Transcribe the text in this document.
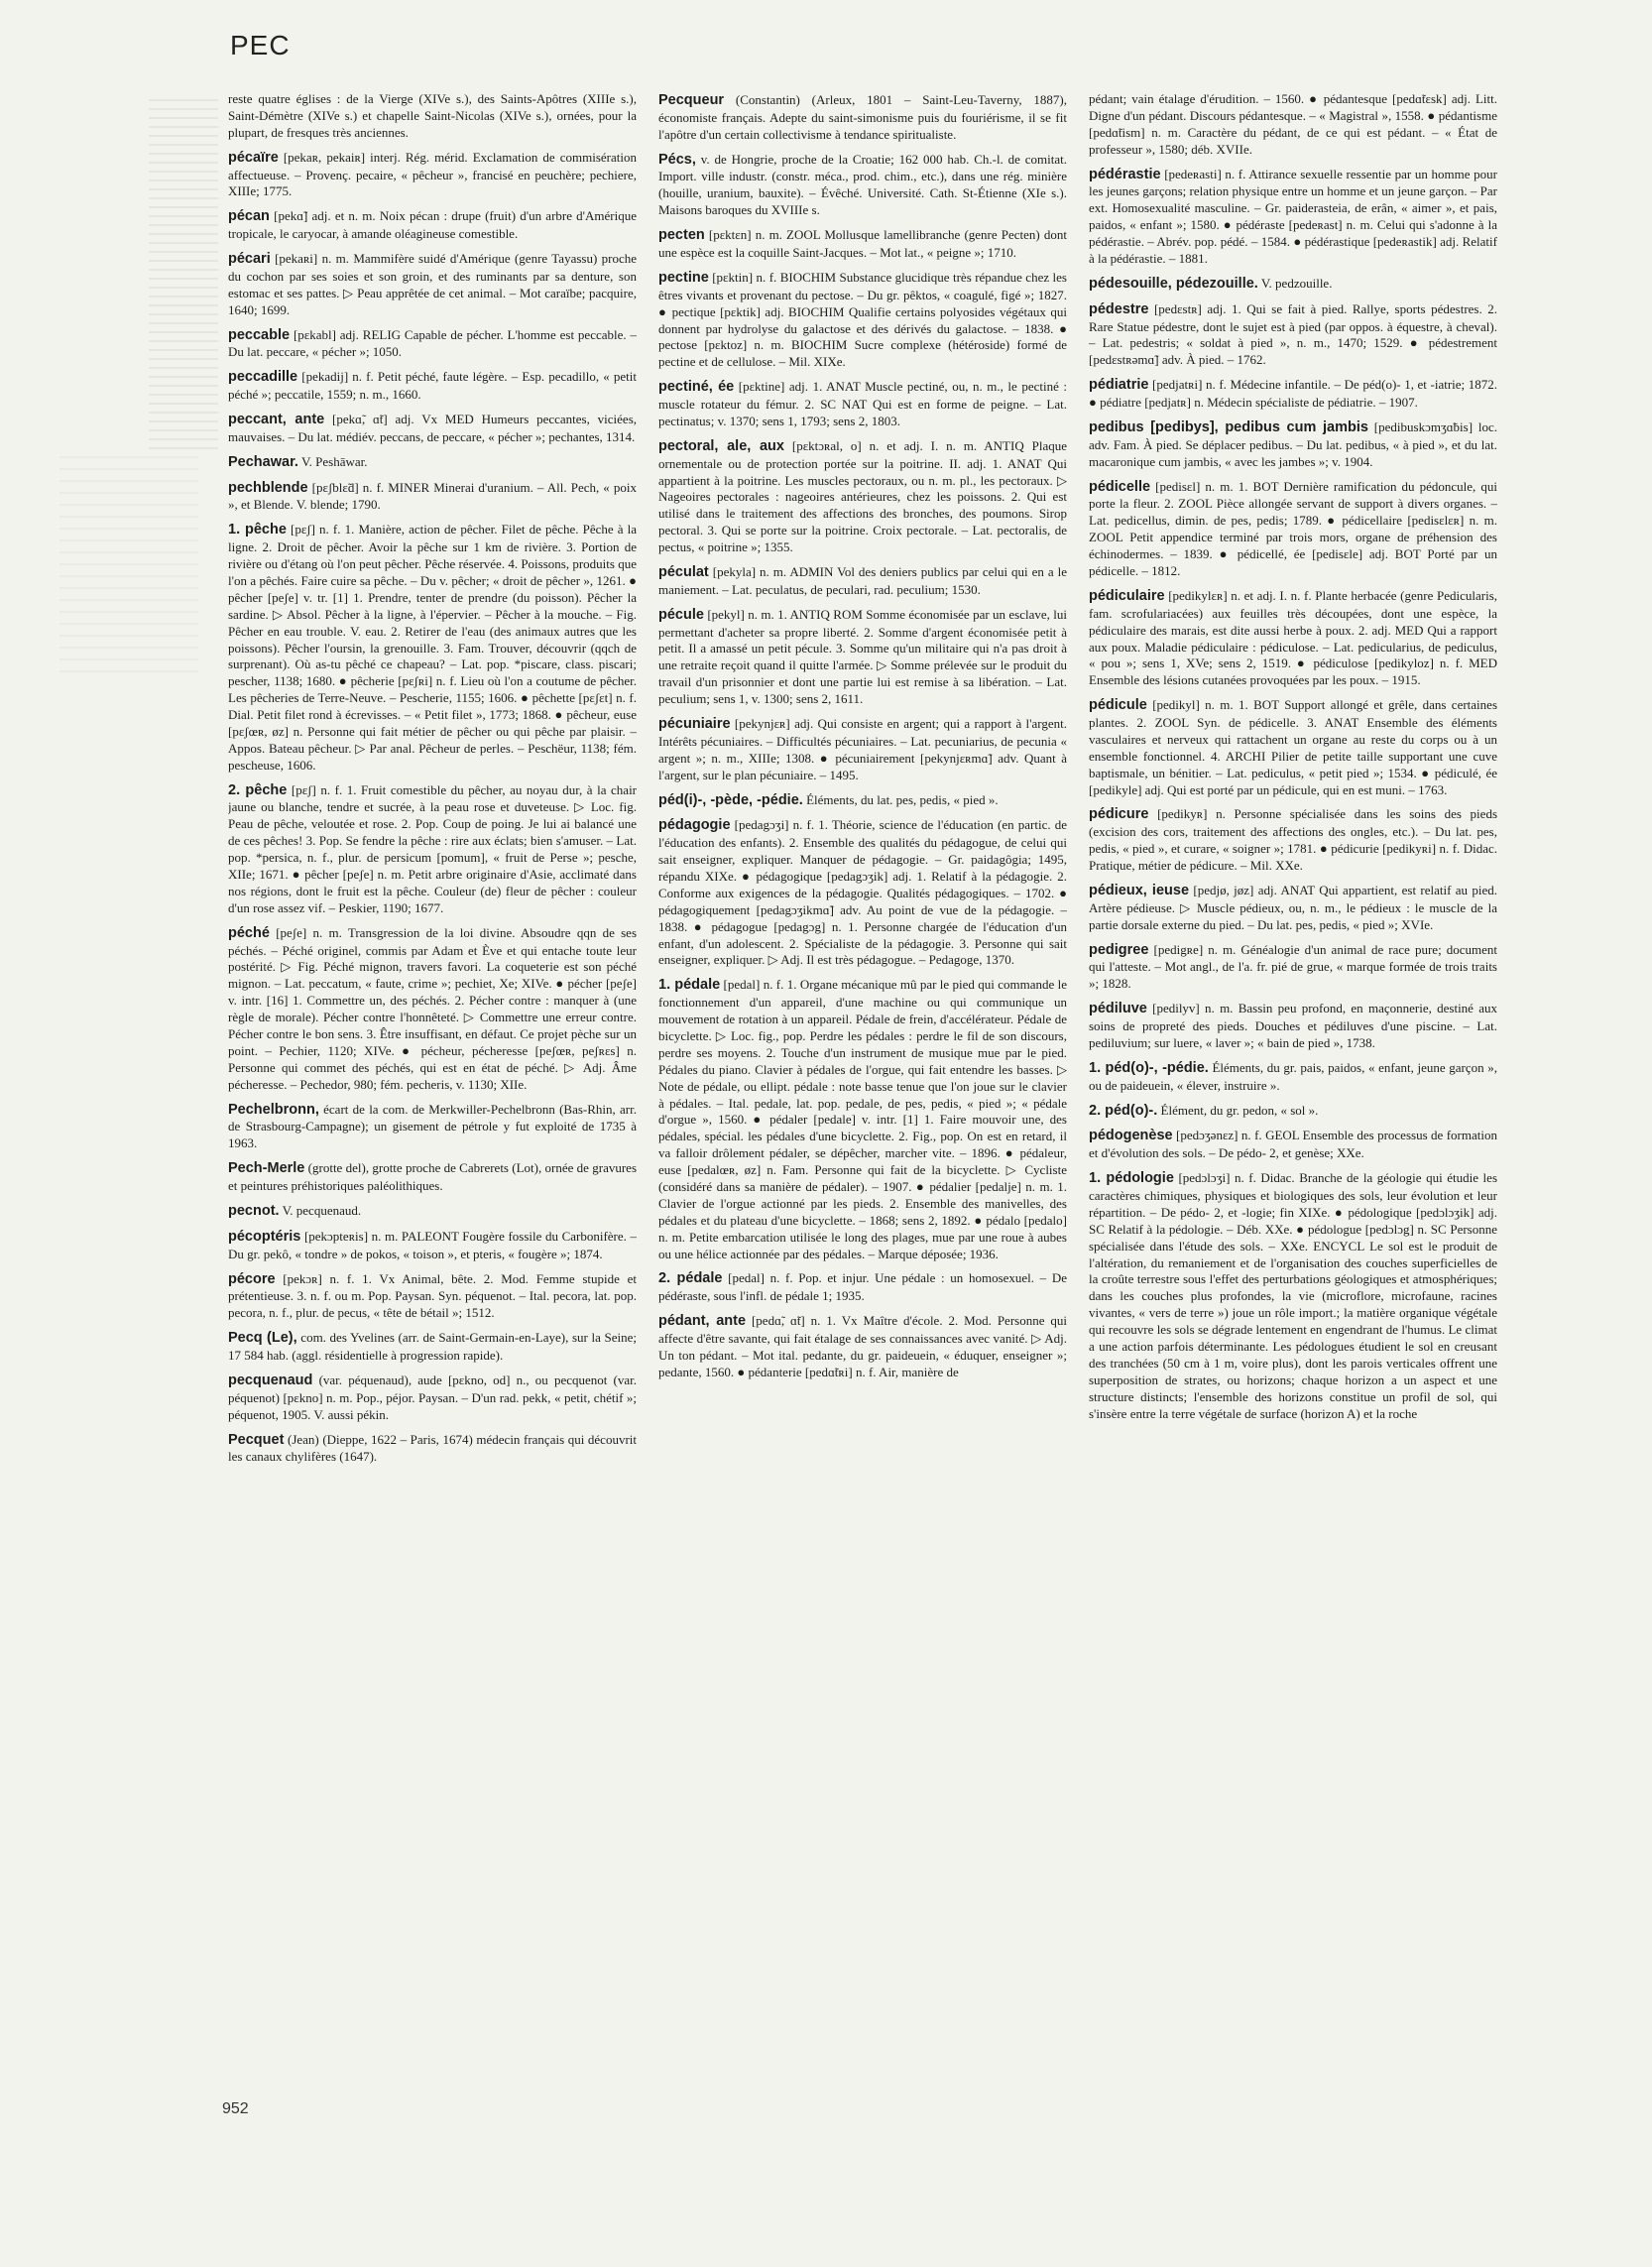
PEC

reste quatre églises : de la Vierge (XIVe s.), des Saints-Apôtres (XIIIe s.), Saint-Démètre (XIVe s.) et chapelle Saint-Nicolas (XIVe s.), ornées, pour la plupart, de fresques très anciennes.

pécaïre [pekaʀ, pekaiʀ] interj. Rég. mérid. Exclamation de commisération affectueuse. – Provenç. pecaire, « pêcheur », francisé en peuchère; pechiere, XIIIe; 1775.

pécan [pekɑ̃] adj. et n. m. Noix pécan : drupe (fruit) d'un arbre d'Amérique tropicale, le caryocar, à amande oléagineuse comestible.

pécari [pekaʀi] n. m. Mammifère suidé d'Amérique (genre Tayassu) proche du cochon par ses soies et son groin, et des ruminants par sa denture, son estomac et ses pattes. ▷ Peau apprêtée de cet animal. – Mot caraïbe; pacquire, 1640; 1699.

peccable [pɛkabl] adj. RELIG Capable de pécher. L'homme est peccable. – Du lat. peccare, « pécher »; 1050.

peccadille [pekadij] n. f. Petit péché, faute légère. – Esp. pecadillo, « petit péché »; peccatile, 1559; n. m., 1660.

peccant, ante [pekɑ̃, ɑ̃t] adj. Vx MED Humeurs peccantes, viciées, mauvaises. – Du lat. médiév. peccans, de peccare, « pécher »; pechantes, 1314.

Pechawar. V. Peshāwar.

pechblende [pɛʃblɛ̃d] n. f. MINER Minerai d'uranium. – All. Pech, « poix », et Blende. V. blende; 1790.

1. pêche [pɛʃ] n. f. 1. Manière, action de pêcher. Filet de pêche. Pêche à la ligne. 2. Droit de pêcher. Avoir la pêche sur 1 km de rivière. 3. Portion de rivière ou d'étang où l'on peut pêcher. Pêche réservée. 4. Poissons, produits que l'on a pêchés. Faire cuire sa pêche. – Du v. pêcher; « droit de pêcher », 1261. ● pêcher [peʃe] v. tr. [1] 1. Prendre, tenter de prendre (du poisson). Pêcher la sardine. ▷ Absol. Pêcher à la ligne, à l'épervier. – Pêcher à la mouche. – Fig. Pêcher en eau trouble. V. eau. 2. Retirer de l'eau (des animaux autres que les poissons). Pêcher l'oursin, la grenouille. 3. Fam. Trouver, découvrir (qqch de surprenant). Où as-tu pêché ce chapeau? – Lat. pop. *piscare, class. piscari; pescher, 1138; 1680. ● pêcherie [pɛʃʀi] n. f. Lieu où l'on a coutume de pêcher. Les pêcheries de Terre-Neuve. – Pescherie, 1155; 1606. ● pêchette [pɛʃɛt] n. f. Dial. Petit filet rond à écrevisses. – « Petit filet », 1773; 1868. ● pêcheur, euse [pɛʃœʀ, øz] n. Personne qui fait métier de pêcher ou qui pêche par plaisir. – Appos. Bateau pêcheur. ▷ Par anal. Pêcheur de perles. – Peschëur, 1138; fém. pescheuse, 1606.

2. pêche [pɛʃ] n. f. 1. Fruit comestible du pêcher, au noyau dur, à la chair jaune ou blanche, tendre et sucrée, à la peau rose et duveteuse. ▷ Loc. fig. Peau de pêche, veloutée et rose. 2. Pop. Coup de poing. Je lui ai balancé une de ces pêches! 3. Pop. Se fendre la pêche : rire aux éclats; bien s'amuser. – Lat. pop. *persica, n. f., plur. de persicum [pomum], « fruit de Perse »; pesche, XIIe; 1671. ● pêcher [peʃe] n. m. Petit arbre originaire d'Asie, acclimaté dans nos régions, dont le fruit est la pêche. Couleur (de) fleur de pêcher : couleur d'un rose assez vif. – Peskier, 1190; 1677.

péché [peʃe] n. m. Transgression de la loi divine. Absoudre qqn de ses péchés. – Péché originel, commis par Adam et Ève et qui entache toute leur postérité. ▷ Fig. Péché mignon, travers favori. La coqueterie est son péché mignon. – Lat. peccatum, « faute, crime »; pechiet, Xe; XIVe. ● pécher [peʃe] v. intr. [16] 1. Commettre un, des péchés. 2. Pécher contre : manquer à (une règle de morale). Pécher contre l'honnêteté. ▷ Commettre une erreur contre. Pécher contre le bon sens. 3. Être insuffisant, en défaut. Ce projet pèche sur un point. – Pechier, 1120; XIVe. ● pécheur, pécheresse [peʃœʀ, peʃʀɛs] n. Personne qui commet des péchés, qui est en état de péché. ▷ Adj. Âme pécheresse. – Pechedor, 980; fém. pecheris, v. 1130; XIIe.

Pechelbronn, écart de la com. de Merkwiller-Pechelbronn (Bas-Rhin, arr. de Strasbourg-Campagne); un gisement de pétrole y fut exploité de 1735 à 1963.

Pech-Merle (grotte del), grotte proche de Cabrerets (Lot), ornée de gravures et peintures préhistoriques paléolithiques.

pecnot. V. pecquenaud.

pécoptéris [pekɔpteʀis] n. m. PALEONT Fougère fossile du Carbonifère. – Du gr. pekô, « tondre » de pokos, « toison », et pteris, « fougère »; 1874.

pécore [pekɔʀ] n. f. 1. Vx Animal, bête. 2. Mod. Femme stupide et prétentieuse. 3. n. f. ou m. Pop. Paysan. Syn. péquenot. – Ital. pecora, lat. pop. pecora, n. f., plur. de pecus, « tête de bétail »; 1512.

Pecq (Le), com. des Yvelines (arr. de Saint-Germain-en-Laye), sur la Seine; 17 584 hab. (aggl. résidentielle à progression rapide).

pecquenaud (var. péquenaud), aude [pɛkno, od] n., ou pecquenot (var. péquenot) [pɛkno] n. m. Pop., péjor. Paysan. – D'un rad. pekk, « petit, chétif »; péquenot, 1905. V. aussi pékin.

Pecquet (Jean) (Dieppe, 1622 – Paris, 1674) médecin français qui découvrit les canaux chylifères (1647).

Pecqueur (Constantin) (Arleux, 1801 – Saint-Leu-Taverny, 1887), économiste français. Adepte du saint-simonisme puis du fouriérisme, il se fit l'apôtre d'un certain collectivisme à tendance spiritualiste.

Pécs, v. de Hongrie, proche de la Croatie; 162 000 hab. Ch.-l. de comitat. Import. ville industr. (constr. méca., prod. chim., etc.), dans une rég. minière (houille, uranium, bauxite). – Évêché. Université. Cath. St-Étienne (XIe s.). Maisons baroques du XVIIIe s.

pecten [pɛktɛn] n. m. ZOOL Mollusque lamellibranche (genre Pecten) dont une espèce est la coquille Saint-Jacques. – Mot lat., « peigne »; 1710.

pectine [pɛktin] n. f. BIOCHIM Substance glucidique très répandue chez les êtres vivants et provenant du pectose. – Du gr. pêktos, « coagulé, figé »; 1827. ● pectique [pɛktik] adj. BIOCHIM Qualifie certains polyosides végétaux qui donnent par hydrolyse du galactose et des dérivés du galactose. – 1838. ● pectose [pɛktoz] n. m. BIOCHIM Sucre complexe (hétéroside) formé de pectine et de cellulose. – Mil. XIXe.

pectiné, ée [pɛktine] adj. 1. ANAT Muscle pectiné, ou, n. m., le pectiné : muscle rotateur du fémur. 2. SC NAT Qui est en forme de peigne. – Lat. pectinatus; v. 1370; sens 1, 1793; sens 2, 1803.

pectoral, ale, aux [pɛktɔʀal, o] n. et adj. I. n. m. ANTIQ Plaque ornementale ou de protection portée sur la poitrine. II. adj. 1. ANAT Qui appartient à la poitrine. Les muscles pectoraux, ou n. m. pl., les pectoraux. ▷ Nageoires pectorales : nageoires antérieures, chez les poissons. 2. Qui est utilisé dans le traitement des affections des bronches, des poumons. Sirop pectoral. 3. Qui se porte sur la poitrine. Croix pectorale. – Lat. pectoralis, de pectus, « poitrine »; 1355.

péculat [pekyla] n. m. ADMIN Vol des deniers publics par celui qui en a le maniement. – Lat. peculatus, de peculari, rad. peculium; 1530.

pécule [pekyl] n. m. 1. ANTIQ ROM Somme économisée par un esclave, lui permettant d'acheter sa propre liberté. 2. Somme d'argent économisée petit à petit. Il a amassé un petit pécule. 3. Somme qu'un militaire qui n'a pas droit à une retraite reçoit quand il quitte l'armée. ▷ Somme prélevée sur le produit du travail d'un prisonnier et dont une partie lui est remise à sa libération. – Lat. peculium; sens 1, v. 1300; sens 2, 1611.

pécuniaire [pekynjɛʀ] adj. Qui consiste en argent; qui a rapport à l'argent. Intérêts pécuniaires. – Difficultés pécuniaires. – Lat. pecuniarius, de pecunia « argent »; n. m., XIIIe; 1308. ● pécuniairement [pekynjɛʀmɑ̃] adv. Quant à l'argent, sur le plan pécuniaire. – 1495.

péd(i)-, -pède, -pédie. Éléments, du lat. pes, pedis, « pied ».

pédagogie [pedagɔʒi] n. f. 1. Théorie, science de l'éducation (en partic. de l'éducation des enfants). 2. Ensemble des qualités du pédagogue, de celui qui sait enseigner, expliquer. Manquer de pédagogie. – Gr. paidagôgia; 1495, répandu XIXe. ● pédagogique [pedagɔʒik] adj. 1. Relatif à la pédagogie. 2. Conforme aux exigences de la pédagogie. Qualités pédagogiques. – 1702. ● pédagogiquement [pedagɔʒikmɑ̃] adv. Au point de vue de la pédagogie. – 1838. ● pédagogue [pedagɔg] n. 1. Personne chargée de l'éducation d'un enfant, d'un adolescent. 2. Spécialiste de la pédagogie. 3. Personne qui sait enseigner, expliquer. ▷ Adj. Il est très pédagogue. – Pedagoge, 1370.

1. pédale [pedal] n. f. 1. Organe mécanique mû par le pied qui commande le fonctionnement d'un appareil, d'une machine ou qui communique un mouvement de rotation à un appareil. Pédale de frein, d'accélérateur. Pédale de bicyclette. ▷ Loc. fig., pop. Perdre les pédales : perdre le fil de son discours, perdre ses moyens. 2. Touche d'un instrument de musique mue par le pied. Pédales du piano. Clavier à pédales de l'orgue, qui fait entendre les basses. ▷ Note de pédale, ou ellipt. pédale : note basse tenue que l'on joue sur le clavier à pédales. – Ital. pedale, lat. pop. pedale, de pes, pedis, « pied »; « pédale d'orgue », 1560. ● pédaler [pedale] v. intr. [1] 1. Faire mouvoir une, des pédales, spécial. les pédales d'une bicyclette. 2. Fig., pop. On est en retard, il va falloir drôlement pédaler, se dépêcher, marcher vite. – 1896. ● pédaleur, euse [pedalœʀ, øz] n. Fam. Personne qui fait de la bicyclette. ▷ Cycliste (considéré dans sa manière de pédaler). – 1907. ● pédalier [pedalje] n. m. 1. Clavier de l'orgue actionné par les pieds. 2. Ensemble des manivelles, des pédales et du plateau d'une bicyclette. – 1868; sens 2, 1892. ● pédalo [pedalo] n. m. Petite embarcation utilisée le long des plages, mue par une roue à aubes ou une hélice actionnée par des pédales. – Marque déposée; 1936.

2. pédale [pedal] n. f. Pop. et injur. Une pédale : un homosexuel. – De pédéraste, sous l'infl. de pédale 1; 1935.

pédant, ante [pedɑ̃, ɑ̃t] n. 1. Vx Maître d'école. 2. Mod. Personne qui affecte d'être savante, qui fait étalage de ses connaissances avec vanité. ▷ Adj. Un ton pédant. – Mot ital. pedante, du gr. paideuein, « éduquer, enseigner »; pedante, 1560. ● pédanterie [pedɑ̃tʀi] n. f. Air, manière de

pédant; vain étalage d'érudition. – 1560. ● pédantesque [pedɑ̃tɛsk] adj. Litt. Digne d'un pédant. Discours pédantesque. – « Magistral », 1558. ● pédantisme [pedɑ̃tism] n. m. Caractère du pédant, de ce qui est pédant. – « État de professeur », 1580; déb. XVIIe.

pédérastie [pedeʀasti] n. f. Attirance sexuelle ressentie par un homme pour les jeunes garçons; relation physique entre un homme et un jeune garçon. – Par ext. Homosexualité masculine. – Gr. paiderasteia, de erân, « aimer », et pais, paidos, « enfant »; 1580. ● pédéraste [pedeʀast] n. m. Celui qui s'adonne à la pédérastie. – Abrév. pop. pédé. – 1584. ● pédérastique [pedeʀastik] adj. Relatif à la pédérastie. – 1881.

pédesouille, pédezouille. V. pedzouille.

pédestre [pedɛstʀ] adj. 1. Qui se fait à pied. Rallye, sports pédestres. 2. Rare Statue pédestre, dont le sujet est à pied (par oppos. à équestre, à cheval). – Lat. pedestris; « soldat à pied », n. m., 1470; 1529. ● pédestrement [pedɛstʀəmɑ̃] adv. À pied. – 1762.

pédiatrie [pedjatʀi] n. f. Médecine infantile. – De péd(o)- 1, et -iatrie; 1872. ● pédiatre [pedjatʀ] n. Médecin spécialiste de pédiatrie. – 1907.

pedibus [pedibys], pedibus cum jambis [pedibuskɔmʒɑ̃bis] loc. adv. Fam. À pied. Se déplacer pedibus. – Du lat. pedibus, « à pied », et du lat. macaronique cum jambis, « avec les jambes »; v. 1904.

pédicelle [pedisɛl] n. m. 1. BOT Dernière ramification du pédoncule, qui porte la fleur. 2. ZOOL Pièce allongée servant de support à divers organes. – Lat. pedicellus, dimin. de pes, pedis; 1789. ● pédicellaire [pedisɛlɛʀ] n. m. ZOOL Petit appendice terminé par trois mors, organe de préhension des échinodermes. – 1839. ● pédicellé, ée [pedisɛle] adj. BOT Porté par un pédicelle. – 1812.

pédiculaire [pedikylɛʀ] n. et adj. I. n. f. Plante herbacée (genre Pedicularis, fam. scrofulariacées) aux feuilles très découpées, dont une espèce, la pédiculaire des marais, est dite aussi herbe à poux. 2. adj. MED Qui a rapport aux poux. Maladie pédiculaire : pédiculose. – Lat. pedicularius, de pediculus, « pou »; sens 1, XVe; sens 2, 1519. ● pédiculose [pedikyloz] n. f. MED Ensemble des lésions cutanées provoquées par les poux. – 1915.

pédicule [pedikyl] n. m. 1. BOT Support allongé et grêle, dans certaines plantes. 2. ZOOL Syn. de pédicelle. 3. ANAT Ensemble des éléments vasculaires et nerveux qui rattachent un organe au reste du corps ou à un ensemble fonctionnel. 4. ARCHI Pilier de petite taille supportant une cuve baptismale, un bénitier. – Lat. pediculus, « petit pied »; 1534. ● pédiculé, ée [pedikyle] adj. Qui est porté par un pédicule, qui en est muni. – 1763.

pédicure [pedikyʀ] n. Personne spécialisée dans les soins des pieds (excision des cors, traitement des affections des ongles, etc.). – Du lat. pes, pedis, « pied », et curare, « soigner »; 1781. ● pédicurie [pedikyʀi] n. f. Didac. Pratique, métier de pédicure. – Mil. XXe.

pédieux, ieuse [pedjø, jøz] adj. ANAT Qui appartient, est relatif au pied. Artère pédieuse. ▷ Muscle pédieux, ou, n. m., le pédieux : le muscle de la partie dorsale externe du pied. – Du lat. pes, pedis, « pied »; XVIe.

pedigree [pedigʀe] n. m. Généalogie d'un animal de race pure; document qui l'atteste. – Mot angl., de l'a. fr. pié de grue, « marque formée de trois traits »; 1828.

pédiluve [pedilyv] n. m. Bassin peu profond, en maçonnerie, destiné aux soins de propreté des pieds. Douches et pédiluves d'une piscine. – Lat. pediluvium; sur luere, « laver »; « bain de pied », 1738.

1. péd(o)-, -pédie. Éléments, du gr. pais, paidos, « enfant, jeune garçon », ou de paideuein, « élever, instruire ».

2. péd(o)-. Élément, du gr. pedon, « sol ».

pédogenèse [pedɔʒənɛz] n. f. GEOL Ensemble des processus de formation et d'évolution des sols. – De pédo- 2, et genèse; XXe.

1. pédologie [pedɔlɔʒi] n. f. Didac. Branche de la géologie qui étudie les caractères chimiques, physiques et biologiques des sols, leur évolution et leur répartition. – De pédo- 2, et -logie; fin XIXe. ● pédologique [pedɔlɔʒik] adj. SC Relatif à la pédologie. – Déb. XXe. ● pédologue [pedɔlɔg] n. SC Personne spécialisée dans l'étude des sols. – XXe. ENCYCL Le sol est le produit de l'altération, du remaniement et de l'organisation des couches superficielles de la croûte terrestre sous l'effet des perturbations géologiques et atmosphériques; dans les couches plus profondes, la vie (microflore, microfaune, racines vivantes, « vers de terre ») joue un rôle import.; la matière organique végétale qui recouvre les sols se dégrade lentement en engendrant de l'humus. Le climat a une action parfois déterminante. Les pédologues étudient le sol en creusant des tranchées (50 cm à 1 m, voire plus), dont les parois verticales offrent une superposition de strates, ou horizons; chaque horizon a un aspect et une structure distincts; l'ensemble des horizons constitue un profil de sol, qui s'insère entre la terre végétale de surface (horizon A) et la roche

952
